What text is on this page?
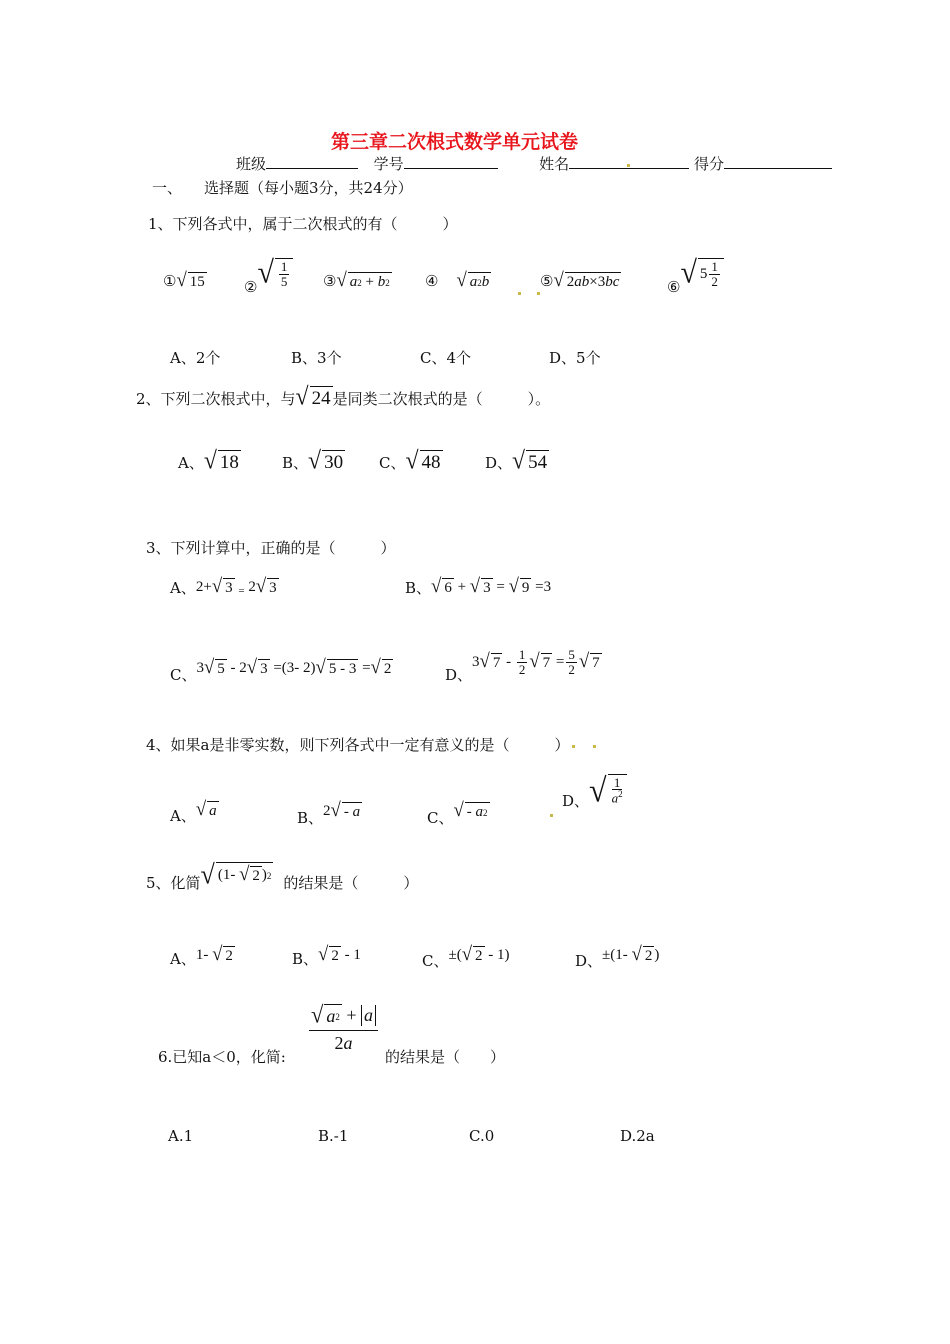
第三章二次根式数学单元试卷
班级	学号	姓名	得分
一、 选择题（每小题3分，共24分）
1、下列各式中，属于二次根式的有（　　　）
① √ 15	② √ $\frac{1}{5}$ ③ √ a 2 + b 2 ④ √ a 2 b	⑤ √ 2 ab ×3 bc	⑥ √ $5 \frac{1}{2}$
A、2个	B、3个	C、4个	D、5个
2、下列二次根式中，与 √ 24 是同类二次根式的是（　　　）。
A、 √ 18	B、 √ 30 C、 √ 48	D、 √ 54
3、下列计算中，正确的是（　　　）
A、 2+ √ 3
= 2 √ 3	B、 √ 6 + √ 3 = √ 9 =3
C、 3 √ 5 - 2 √ 3 =(3- 2) √ 5 - 3 = √ 2	D、
3 √ $7 - \frac{1}{2}$ √ $7 = \frac{5}{2}$ √ 7
4、如果a是非零实数，则下列各式中一定有意义的是（　　　）
A、 √ a	B、 2 √ - a	C、 √ - a 2
D、 √ $\frac{1}{a^2}$
5、化简 √ (1- √ 2 ) 2 的结果是（　　　）
A、 1- √ 2	B、 √ 2 - 1	C、 ±( √ 2 - 1)	D、 ±(1- √ 2 )
√ a 2 + a
2a
6.已知a＜0，化简:	的结果是（　　）
A.1	B.-1	C.0	D.2a
